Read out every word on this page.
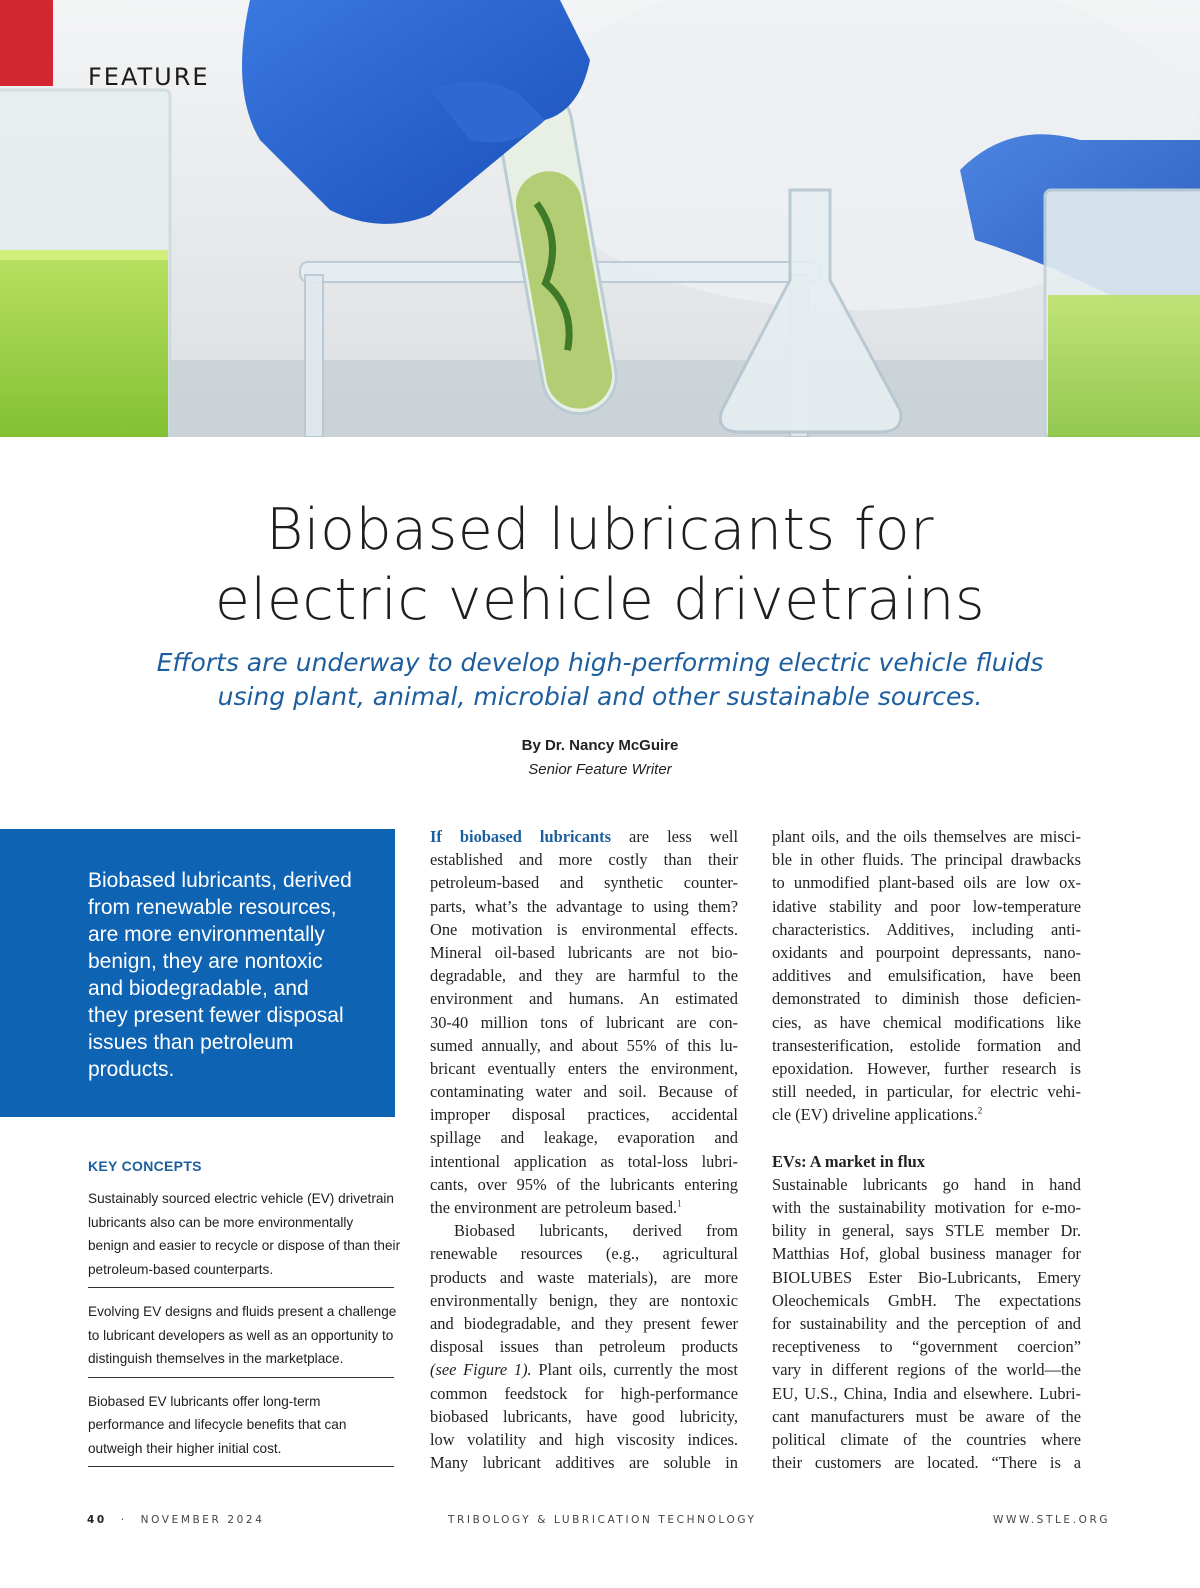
FEATURE
Biobased lubricants for
electric vehicle drivetrains
Efforts are underway to develop high-performing electric vehicle fluids
using plant, animal, microbial and other sustainable sources.
By Dr. Nancy McGuire
Senior Feature Writer

Biobased lubricants, derived
from renewable resources,
are more environmentally
benign, they are nontoxic
and biodegradable, and
they present fewer disposal
issues than petroleum
products.

KEY CONCEPTS
Sustainably sourced electric vehicle (EV) drivetrain
lubricants also can be more environmentally
benign and easier to recycle or dispose of than their
petroleum-based counterparts.
Evolving EV designs and fluids present a challenge
to lubricant developers as well as an opportunity to
distinguish themselves in the marketplace.
Biobased EV lubricants offer long-term
performance and lifecycle benefits that can
outweigh their higher initial cost.
If biobased lubricants are less well
established and more costly than their
petroleum-based and synthetic counter-
parts, what’s the advantage to using them?
One motivation is environmental effects.
Mineral oil-based lubricants are not bio-
degradable, and they are harmful to the
environment and humans. An estimated
30-40 million tons of lubricant are con-
sumed annually, and about 55% of this lu-
bricant eventually enters the environment,
contaminating water and soil. Because of
improper disposal practices, accidental
spillage and leakage, evaporation and
intentional application as total-loss lubri-
cants, over 95% of the lubricants entering
the environment are petroleum based.$^1$
Biobased lubricants, derived from
renewable resources (e.g., agricultural
products and waste materials), are more
environmentally benign, they are nontoxic
and biodegradable, and they present fewer
disposal issues than petroleum products
(see Figure 1). Plant oils, currently the most
common feedstock for high-performance
biobased lubricants, have good lubricity,
low volatility and high viscosity indices.
Many lubricant additives are soluble in
plant oils, and the oils themselves are misci-
ble in other fluids. The principal drawbacks
to unmodified plant-based oils are low ox-
idative stability and poor low-temperature
characteristics. Additives, including anti-
oxidants and pourpoint depressants, nano-
additives and emulsification, have been
demonstrated to diminish those deficien-
cies, as have chemical modifications like
transesterification, estolide formation and
epoxidation. However, further research is
still needed, in particular, for electric vehi-
cle (EV) driveline applications.$^2$
EVs: A market in flux
Sustainable lubricants go hand in hand
with the sustainability motivation for e-mo-
bility in general, says STLE member Dr.
Matthias Hof, global business manager for
BIOLUBES Ester Bio-Lubricants, Emery
Oleochemicals GmbH. The expectations
for sustainability and the perception of and
receptiveness to “government coercion”
vary in different regions of the world—the
EU, U.S., China, India and elsewhere. Lubri-
cant manufacturers must be aware of the
political climate of the countries where
their customers are located. “There is a
40 · NOVEMBER 2024	TRIBOLOGY & LUBRICATION TECHNOLOGY	WWW.STLE.ORG
